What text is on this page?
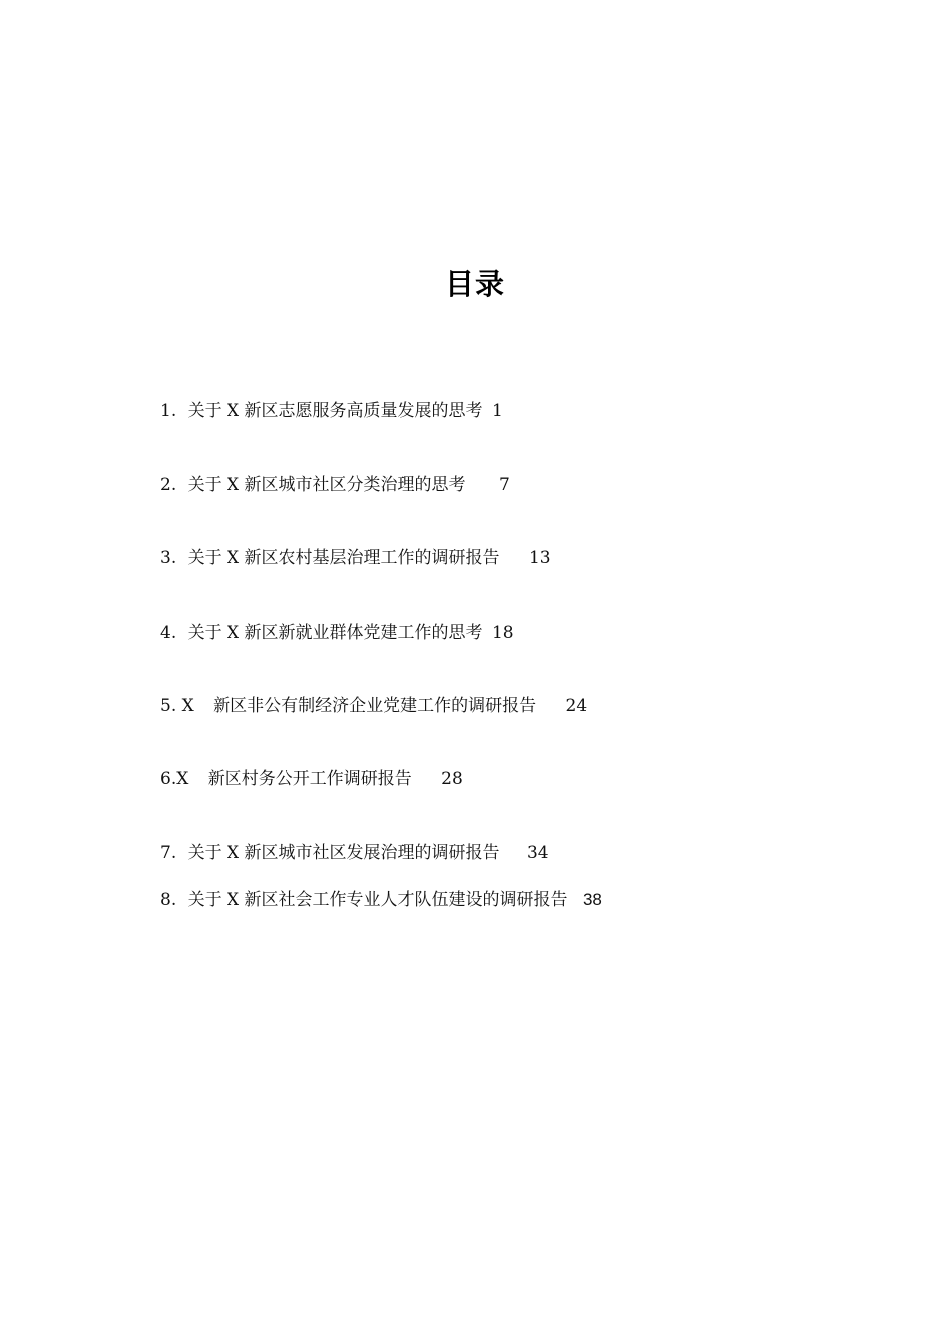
目录
1. 关于 X 新区志愿服务高质量发展的思考 1
2. 关于 X 新区城市社区分类治理的思考 7
3. 关于 X 新区农村基层治理工作的调研报告 13
4. 关于 X 新区新就业群体党建工作的思考 18
5. X 新区非公有制经济企业党建工作的调研报告 24
6.X 新区村务公开工作调研报告 28
7. 关于 X 新区城市社区发展治理的调研报告 34
8. 关于 X 新区社会工作专业人才队伍建设的调研报告 38
